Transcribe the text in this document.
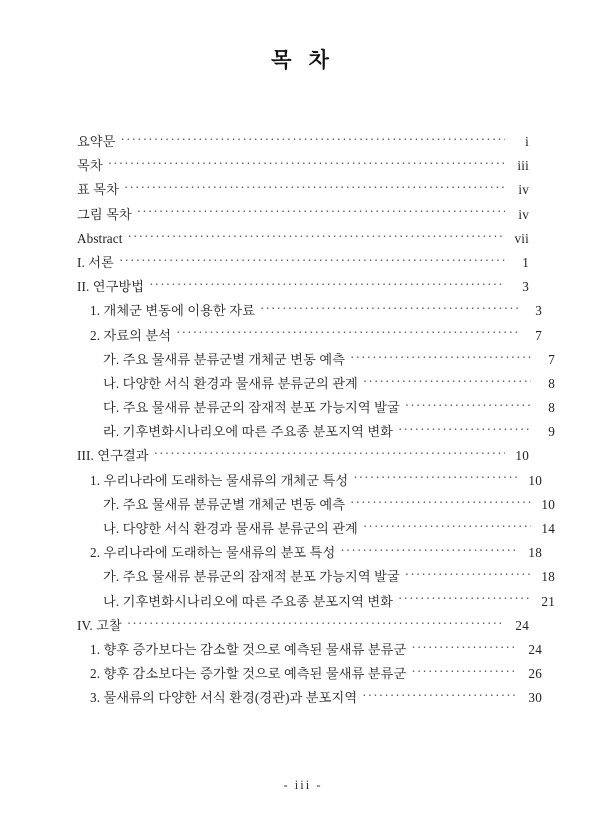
목 차
요약문 ·····	i
목차 ·····	iii
표 목차 ·····	iv
그림 목차 ·····	iv
Abstract ·····	vii
I. 서론 ·····	1
II. 연구방법 ·····	3
1. 개체군 변동에 이용한 자료 ·····	3
2. 자료의 분석 ·····	7
가. 주요 물새류 분류군별 개체군 변동 예측 ·····	7
나. 다양한 서식 환경과 물새류 분류군의 관계 ·····	8
다. 주요 물새류 분류군의 잠재적 분포 가능지역 발굴 ·····	8
라. 기후변화시나리오에 따른 주요종 분포지역 변화 ·····	9
III. 연구결과 ·····	10
1. 우리나라에 도래하는 물새류의 개체군 특성 ·····	10
가. 주요 물새류 분류군별 개체군 변동 예측 ·····	10
나. 다양한 서식 환경과 물새류 분류군의 관계 ·····	14
2. 우리나라에 도래하는 물새류의 분포 특성 ·····	18
가. 주요 물새류 분류군의 잠재적 분포 가능지역 발굴 ·····	18
나. 기후변화시나리오에 따른 주요종 분포지역 변화 ·····	21
IV. 고찰 ·····	24
1. 향후 증가보다는 감소할 것으로 예측된 물새류 분류군 ·····	24
2. 향후 감소보다는 증가할 것으로 예측된 물새류 분류군 ·····	26
3. 물새류의 다양한 서식 환경(경관)과 분포지역 ·····	30
- iii -
